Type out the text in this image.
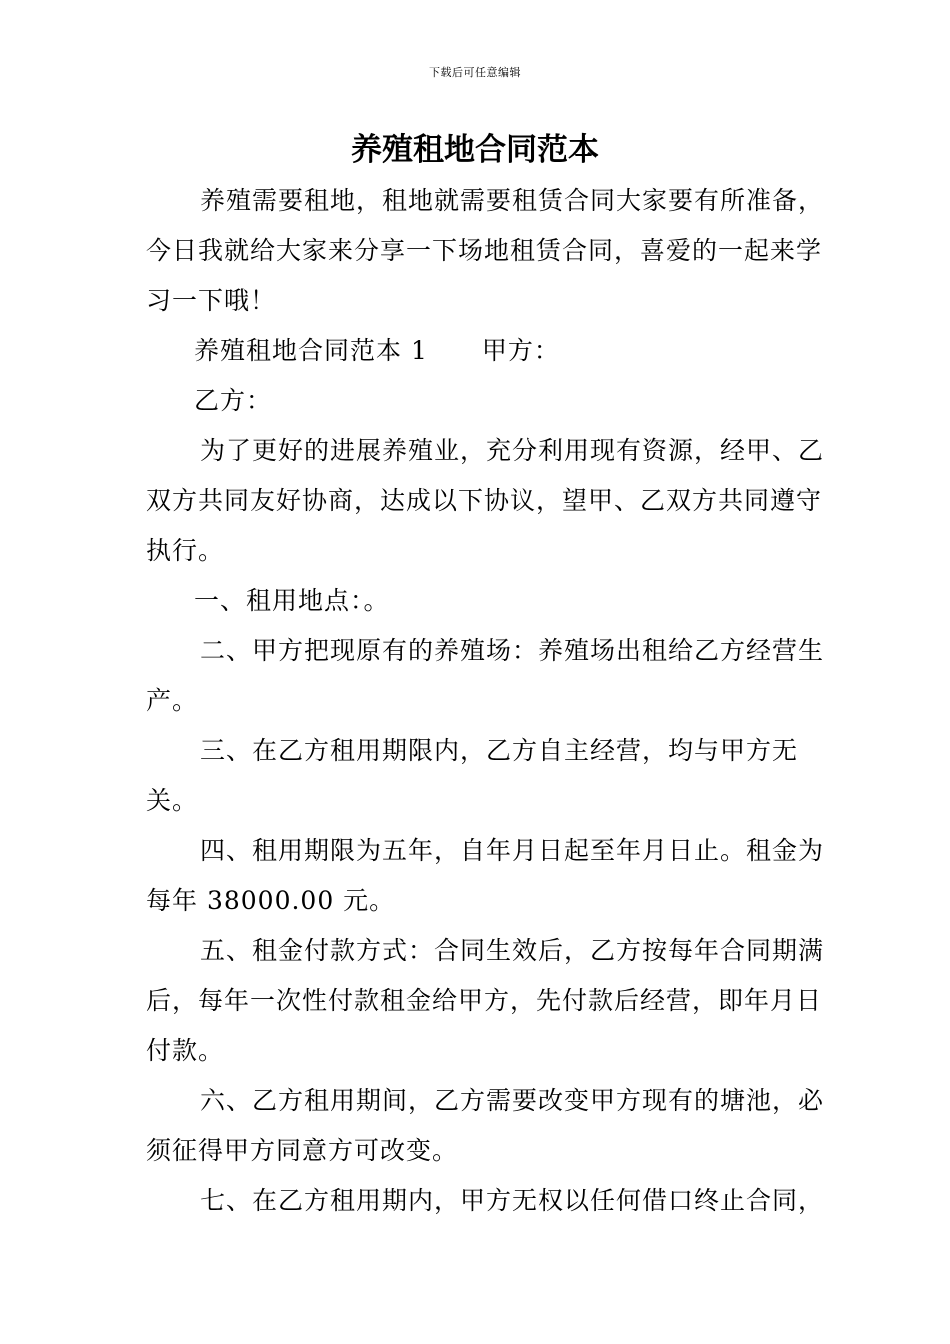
下载后可任意编辑
养殖租地合同范本

养殖需要租地，租地就需要租赁合同大家要有所准备，今日我就给大家来分享一下场地租赁合同，喜爱的一起来学习一下哦！

养殖租地合同范本 1 甲方：

乙方：

为了更好的进展养殖业，充分利用现有资源，经甲、乙双方共同友好协商，达成以下协议，望甲、乙双方共同遵守执行。

一、租用地点：。

二、甲方把现原有的养殖场：养殖场出租给乙方经营生产。

三、在乙方租用期限内，乙方自主经营，均与甲方无关。

四、租用期限为五年，自年月日起至年月日止。租金为每年 38000.00 元。

五、租金付款方式：合同生效后，乙方按每年合同期满后，每年一次性付款租金给甲方，先付款后经营，即年月日付款。

六、乙方租用期间，乙方需要改变甲方现有的塘池，必须征得甲方同意方可改变。

七、在乙方租用期内，甲方无权以任何借口终止合同，
